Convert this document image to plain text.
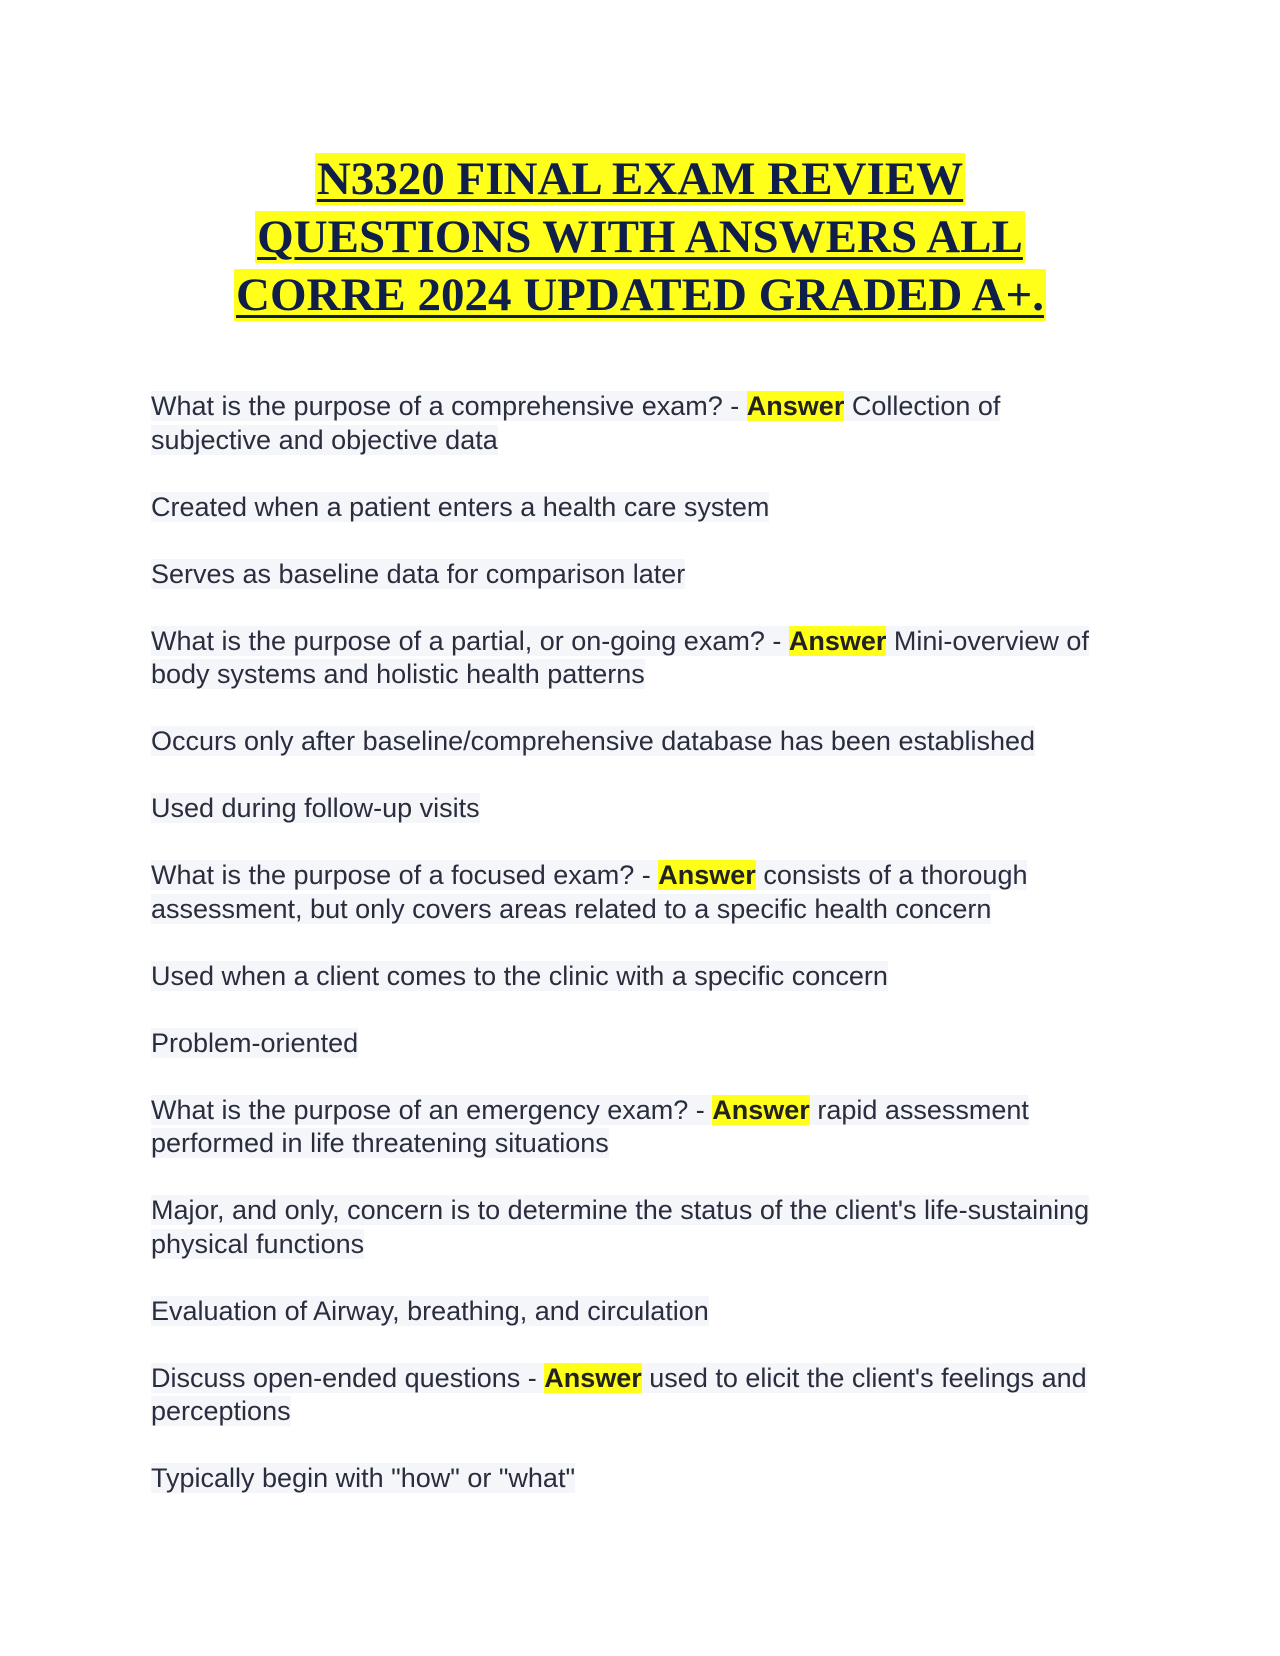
N3320 FINAL EXAM REVIEW
QUESTIONS WITH ANSWERS ALL
CORRE 2024 UPDATED GRADED A+.

What is the purpose of a comprehensive exam? - Answer Collection of subjective and objective data

Created when a patient enters a health care system

Serves as baseline data for comparison later

What is the purpose of a partial, or on-going exam? - Answer Mini-overview of body systems and holistic health patterns

Occurs only after baseline/comprehensive database has been established

Used during follow-up visits

What is the purpose of a focused exam? - Answer consists of a thorough assessment, but only covers areas related to a specific health concern

Used when a client comes to the clinic with a specific concern

Problem-oriented

What is the purpose of an emergency exam? - Answer rapid assessment performed in life threatening situations

Major, and only, concern is to determine the status of the client's life-sustaining physical functions

Evaluation of Airway, breathing, and circulation

Discuss open-ended questions - Answer used to elicit the client's feelings and perceptions

Typically begin with "how" or "what"
